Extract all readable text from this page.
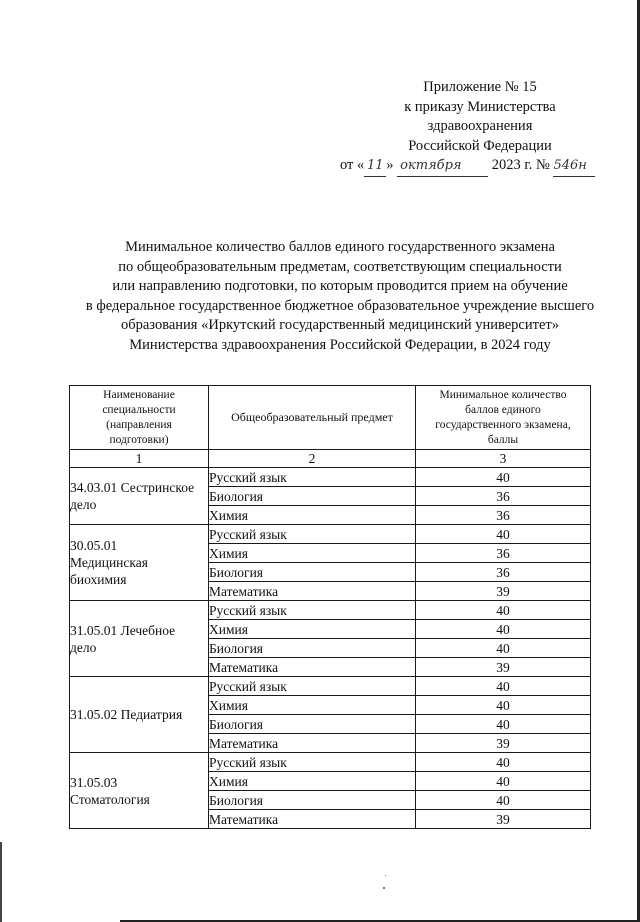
Приложение № 15
к приказу Министерства
здравоохранения
Российской Федерации
от « 11 » октября 2023 г. № 546н
Минимальное количество баллов единого государственного экзамена
по общеобразовательным предметам, соответствующим специальности
или направлению подготовки, по которым проводится прием на обучение
в федеральное государственное бюджетное образовательное учреждение высшего
образования «Иркутский государственный медицинский университет»
Министерства здравоохранения Российской Федерации, в 2024 году
Наименование специальности (направления подготовки)	Общеобразовательный предмет	Минимальное количество баллов единого государственного экзамена, баллы
1	2	3
34.03.01 Сестринское дело	Русский язык	40
	Биология	36
	Химия	36
30.05.01 Медицинская биохимия	Русский язык	40
	Химия	36
	Биология	36
	Математика	39
31.05.01 Лечебное дело	Русский язык	40
	Химия	40
	Биология	40
	Математика	39
31.05.02 Педиатрия	Русский язык	40
	Химия	40
	Биология	40
	Математика	39
31.05.03 Стоматология	Русский язык	40
	Химия	40
	Биология	40
	Математика	39
